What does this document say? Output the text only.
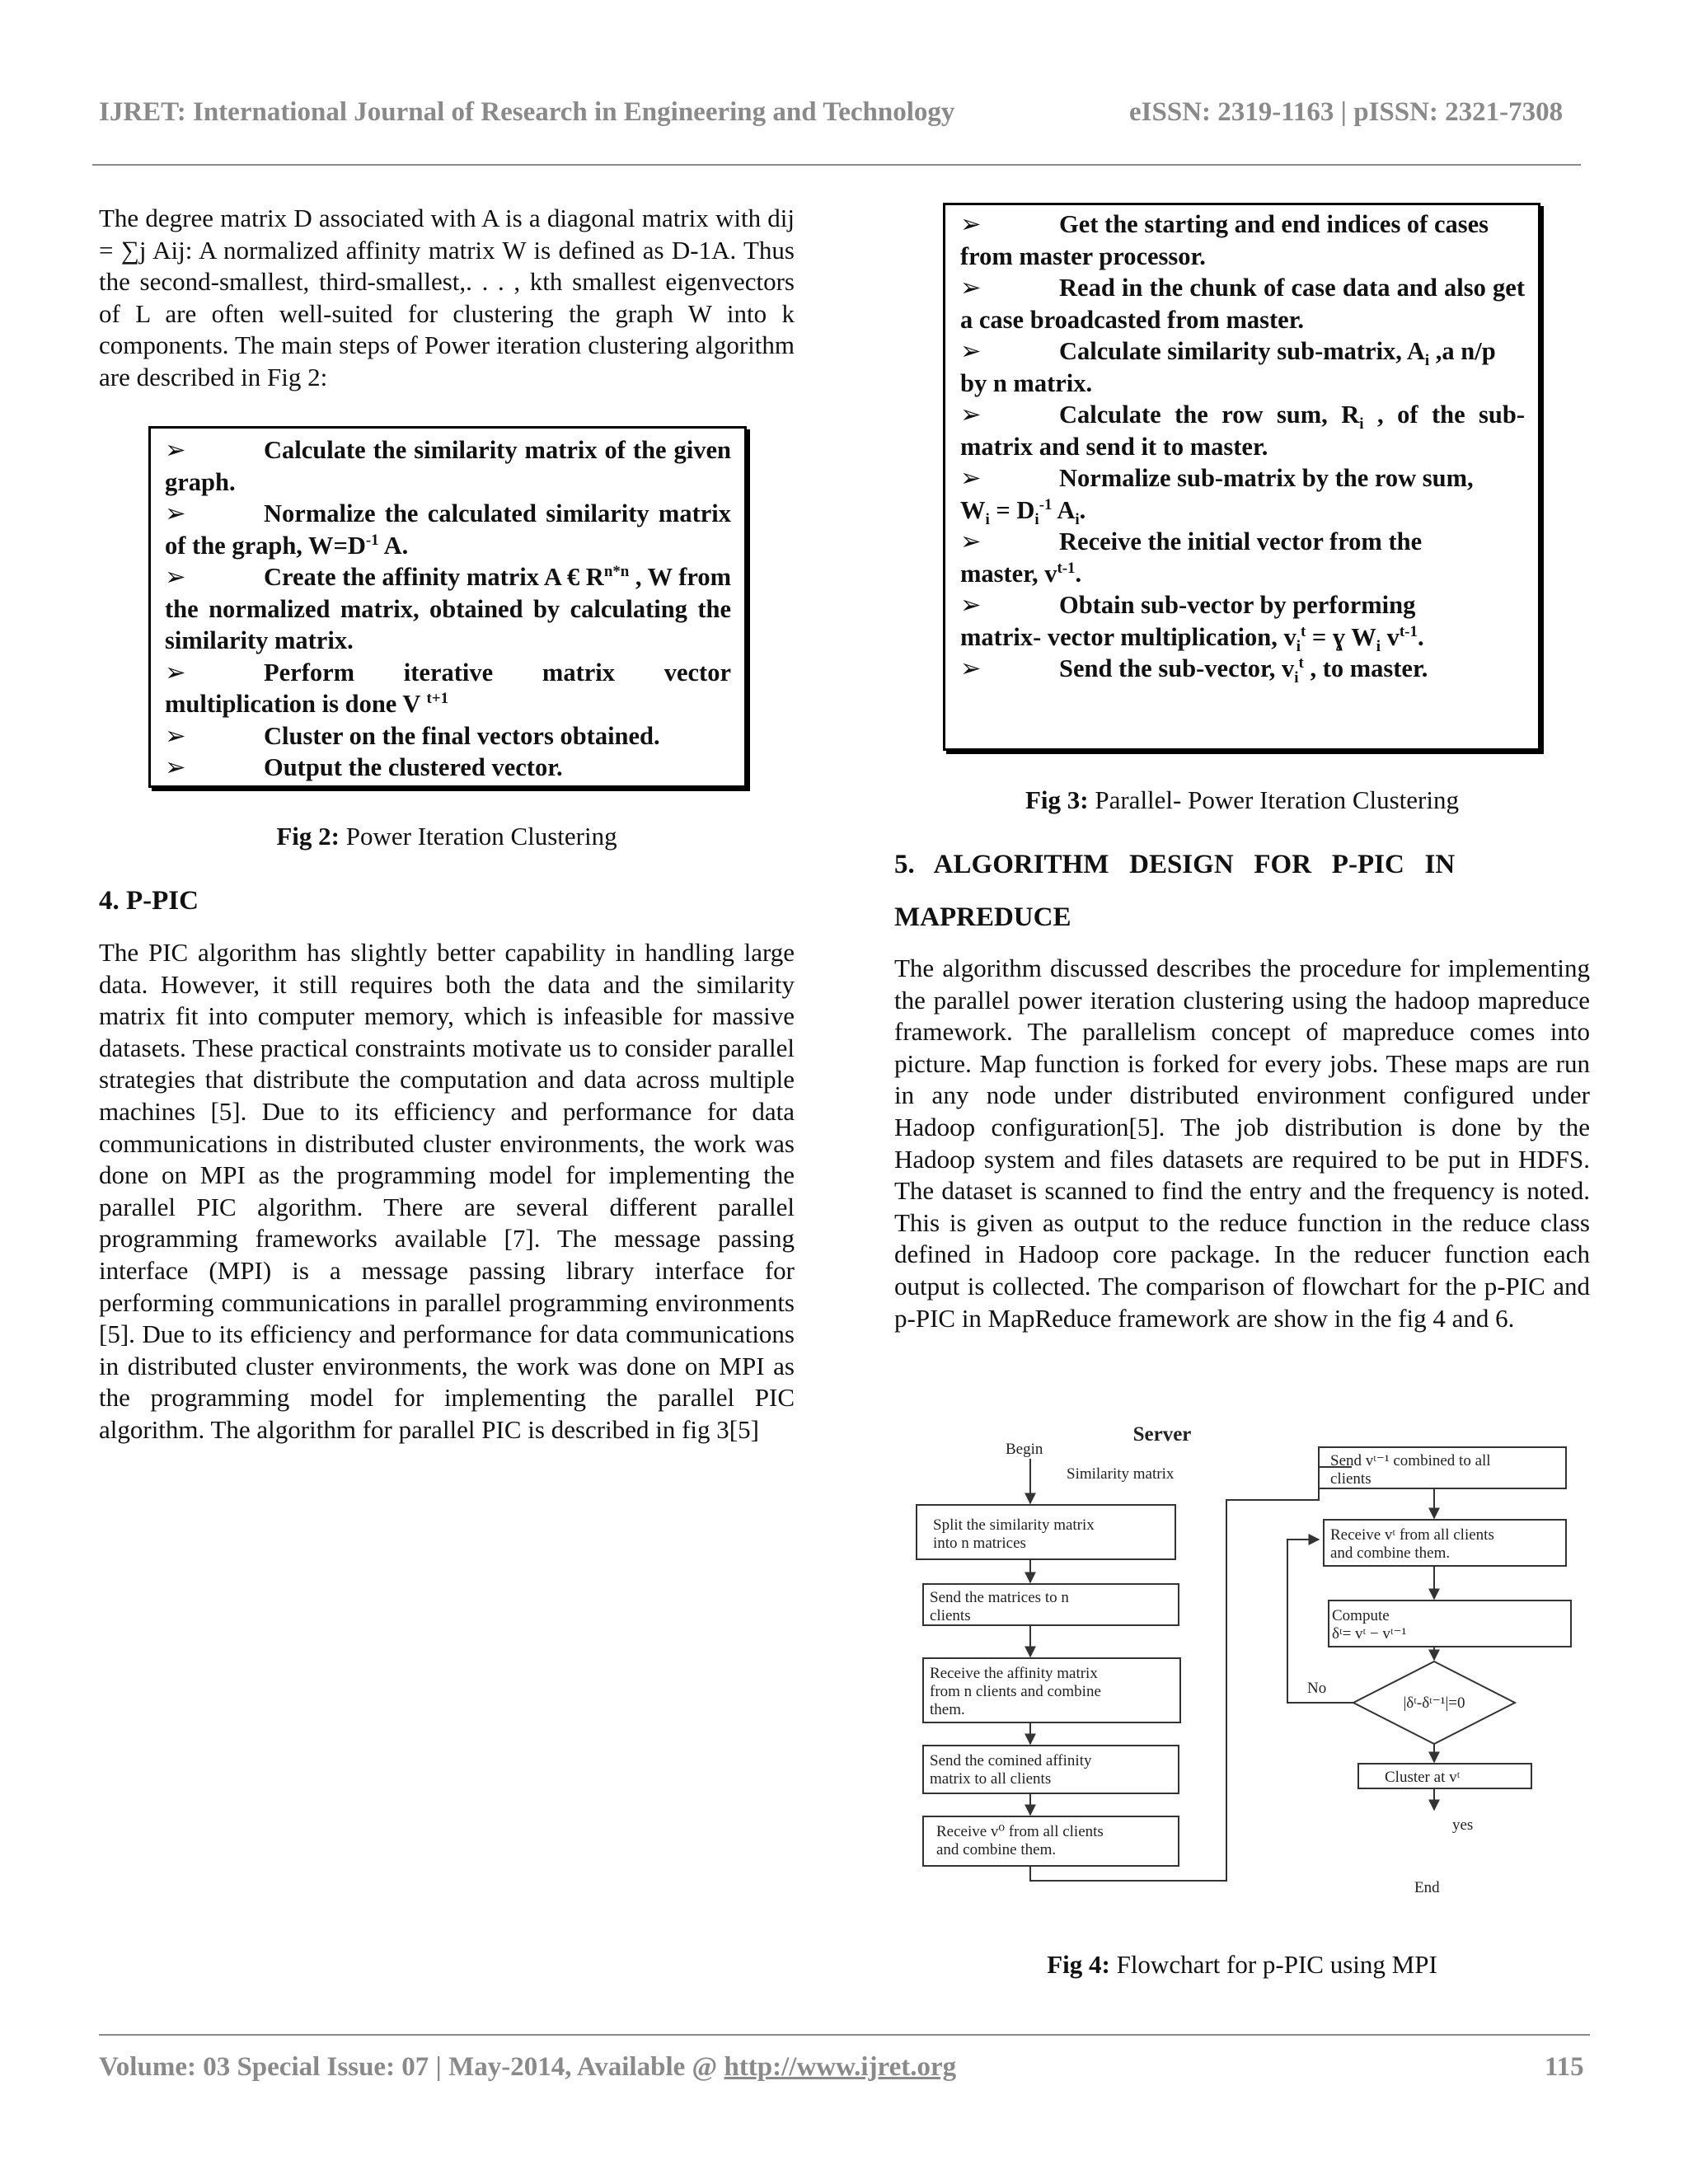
IJRET: International Journal of Research in Engineering and Technology	eISSN: 2319-1163 | pISSN: 2321-7308

The degree matrix D associated with A is a diagonal matrix with dij = ∑j Aij: A normalized affinity matrix W is defined as D-1A. Thus the second-smallest, third-smallest,. . . , kth smallest eigenvectors of L are often well-suited for clustering the graph W into k components. The main steps of Power iteration clustering algorithm are described in Fig 2:

➢	Calculate the similarity matrix of the given graph.

➢	Normalize the calculated similarity matrix of the graph, $W=D^{-1}$ A.

➢	Create the affinity matrix A € $R^{n*n}$ , W from the normalized matrix, obtained by calculating the similarity matrix.

➢	Perform iterative matrix vector multiplication is done V $^{t+1}$

➢	Cluster on the final vectors obtained.

➢	Output the clustered vector.

Fig 2: Power Iteration Clustering
4. P-PIC

The PIC algorithm has slightly better capability in handling large data. However, it still requires both the data and the similarity matrix fit into computer memory, which is infeasible for massive datasets. These practical constraints motivate us to consider parallel strategies that distribute the computation and data across multiple machines [5]. Due to its efficiency and performance for data communications in distributed cluster environments, the work was done on MPI as the programming model for implementing the parallel PIC algorithm. There are several different parallel programming frameworks available [7]. The message passing interface (MPI) is a message passing library interface for performing communications in parallel programming environments [5]. Due to its efficiency and performance for data communications in distributed cluster environments, the work was done on MPI as the programming model for implementing the parallel PIC algorithm. The algorithm for parallel PIC is described in fig 3[5]

➢	Get the starting and end indices of cases

from master processor.

➢	Read in the chunk of case data and also get a case broadcasted from master.

➢	Calculate similarity sub-matrix, $A_i$ ,a n/p

by n matrix.

➢	Calculate the row sum, $R_i$ , of the sub-matrix and send it to master.

➢	Normalize sub-matrix by the row sum,
$W_i = D_i^{-1}$ $A_i$.

➢	Receive the initial vector from the
master, $v^{t-1}$.

➢	Obtain sub-vector by performing
matrix- vector multiplication, $v_i^t$ = ɣ $W_i$ $v^{t-1}$.

➢	Send the sub-vector, $v_i^t$ , to master.

Fig 3: Parallel- Power Iteration Clustering
5.   ALGORITHM   DESIGN   FOR   P-PIC   IN
MAPREDUCE

The algorithm discussed describes the procedure for implementing the parallel power iteration clustering using the hadoop mapreduce framework. The parallelism concept of mapreduce comes into picture. Map function is forked for every jobs. These maps are run in any node under distributed environment configured under Hadoop configuration[5]. The job distribution is done by the Hadoop system and files datasets are required to be put in HDFS. The dataset is scanned to find the entry and the frequency is noted. This is given as output to the reduce function in the reduce class defined in Hadoop core package. In the reducer function each output is collected. The comparison of flowchart for the p-PIC and p-PIC in MapReduce framework are show in the fig 4 and 6.

Server
Begin
Similarity matrix
Split the similarity matrix
into n matrices
Send the matrices to n
clients
Receive the affinity matrix
from n clients and combine
them.
Send the comined affinity
matrix to all clients
Receive v⁰ from all clients
and combine them.
Send vᵗ⁻¹ combined to all
clients
Receive vᵗ from all clients
and combine them.
Compute
δᵗ= vᵗ − vᵗ⁻¹
|δᵗ-δᵗ⁻¹|=0
No
yes
Cluster at vᵗ
End
Fig 4: Flowchart for p-PIC using MPI
Volume: 03 Special Issue: 07 | May-2014, Available @ http://www.ijret.org	115
